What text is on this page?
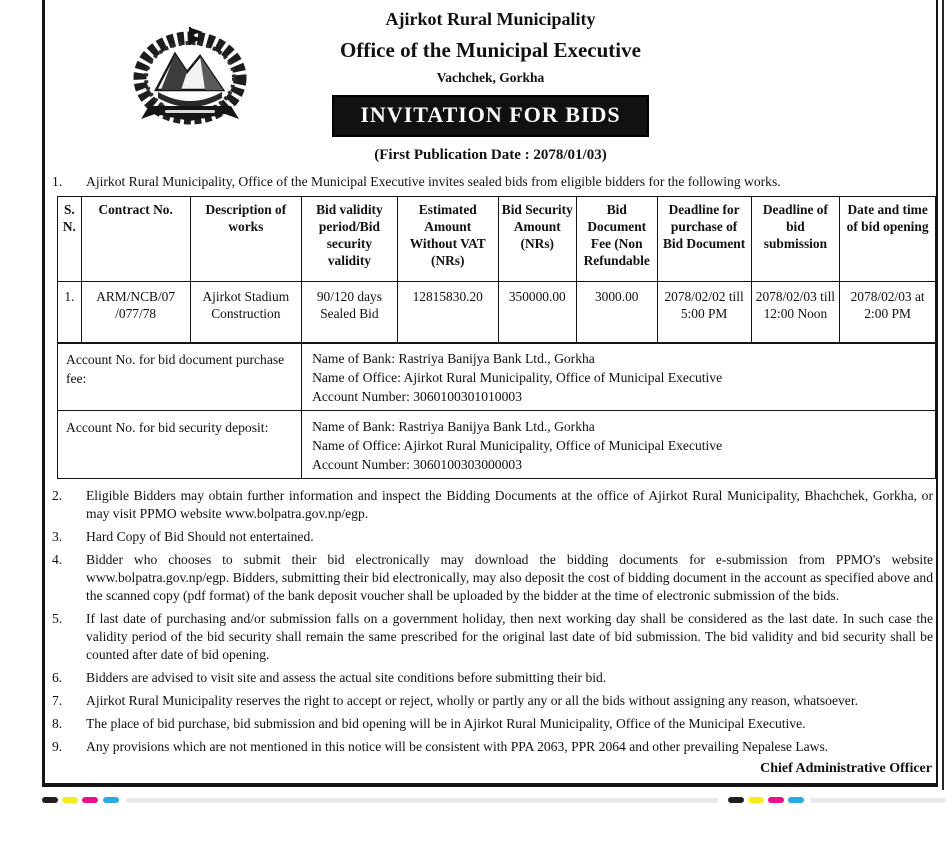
Ajirkot Rural Municipality
Office of the Municipal Executive
Vachchek, Gorkha
INVITATION FOR BIDS
(First Publication Date : 2078/01/03)
1. Ajirkot Rural Municipality, Office of the Municipal Executive invites sealed bids from eligible bidders for the following works.
S. N.	Contract No.	Description of works	Bid validity period/Bid security validity	Estimated Amount Without VAT (NRs)	Bid Security Amount (NRs)	Bid Document Fee (Non Refundable	Deadline for purchase of Bid Document	Deadline of bid submission	Date and time of bid opening
1.	ARM/NCB/07 /077/78	Ajirkot Stadium Construction	90/120 days Sealed Bid	12815830.20	350000.00	3000.00	2078/02/02 till 5:00 PM	2078/02/03 till 12:00 Noon	2078/02/03 at 2:00 PM
Account No. for bid document purchase fee:	Name of Bank: Rastriya Banijya Bank Ltd., Gorkha
Name of Office: Ajirkot Rural Municipality, Office of Municipal Executive
Account Number: 3060100301010003

Account No. for bid security deposit:	Name of Bank: Rastriya Banijya Bank Ltd., Gorkha
Name of Office: Ajirkot Rural Municipality, Office of Municipal Executive
Account Number: 3060100303000003
2. Eligible Bidders may obtain further information and inspect the Bidding Documents at the office of Ajirkot Rural Municipality, Bhachchek, Gorkha, or may visit PPMO website www.bolpatra.gov.np/egp.
3. Hard Copy of Bid Should not entertained.
4. Bidder who chooses to submit their bid electronically may download the bidding documents for e-submission from PPMO's website www.bolpatra.gov.np/egp. Bidders, submitting their bid electronically, may also deposit the cost of bidding document in the account as specified above and the scanned copy (pdf format) of the bank deposit voucher shall be uploaded by the bidder at the time of electronic submission of the bids.
5. If last date of purchasing and/or submission falls on a government holiday, then next working day shall be considered as the last date. In such case the validity period of the bid security shall remain the same prescribed for the original last date of bid submission. The bid validity and bid security shall be counted after date of bid opening.
6. Bidders are advised to visit site and assess the actual site conditions before submitting their bid.
7. Ajirkot Rural Municipality reserves the right to accept or reject, wholly or partly any or all the bids without assigning any reason, whatsoever.
8. The place of bid purchase, bid submission and bid opening will be in Ajirkot Rural Municipality, Office of the Municipal Executive.
9. Any provisions which are not mentioned in this notice will be consistent with PPA 2063, PPR 2064 and other prevailing Nepalese Laws.
Chief Administrative Officer
